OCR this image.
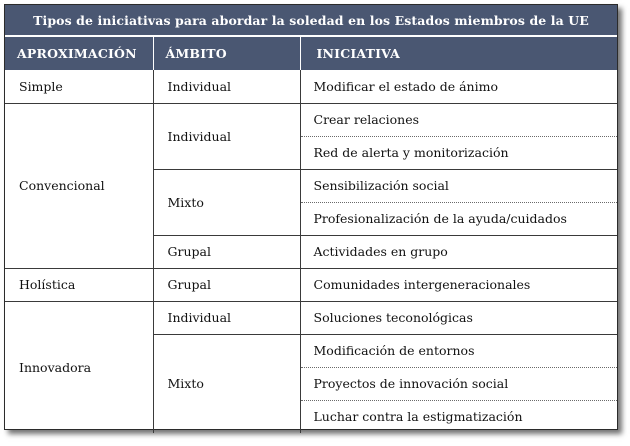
Tipos de iniciativas para abordar la soledad en los Estados miembros de la UE
APROXIMACIÓN	ÁMBITO	INICIATIVA
Simple	Individual	Modificar el estado de ánimo
Convencional	Individual	Crear relaciones
		Red de alerta y monitorización
	Mixto	Sensibilización social
		Profesionalización de la ayuda/cuidados
	Grupal	Actividades en grupo
Holística	Grupal	Comunidades intergeneracionales
Innovadora	Individual	Soluciones teconológicas
	Mixto	Modificación de entornos
		Proyectos de innovación social
		Luchar contra la estigmatización
